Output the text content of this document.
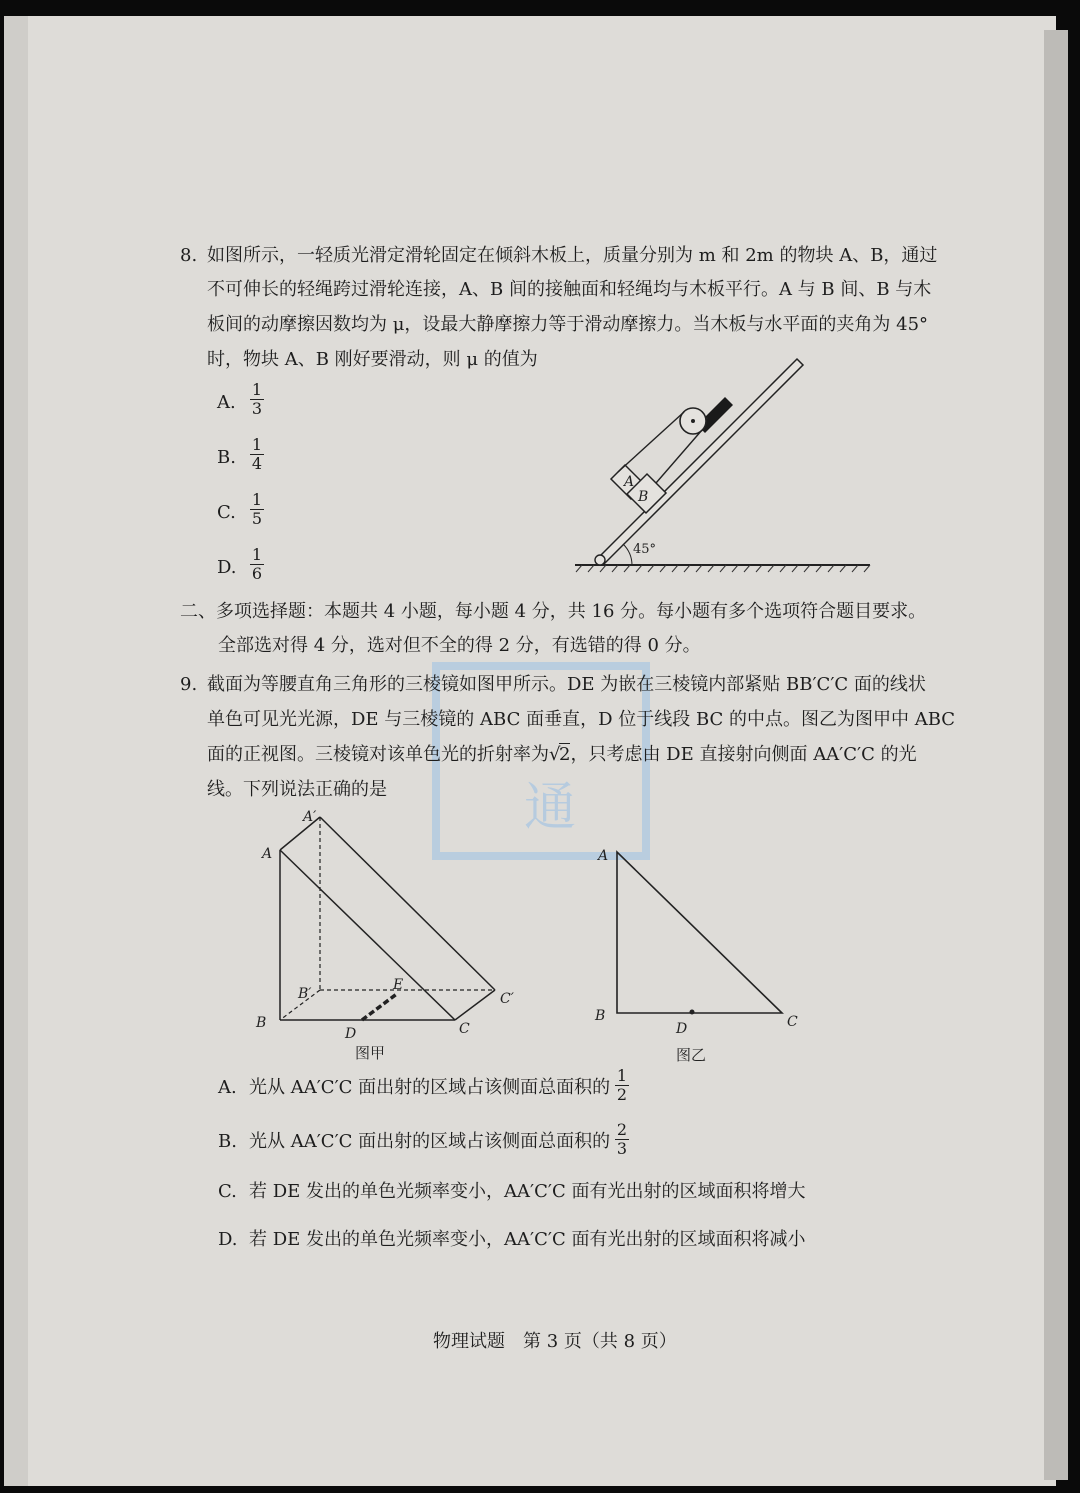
8. 如图所示，一轻质光滑定滑轮固定在倾斜木板上，质量分别为 m 和 2m 的物块 A、B，通过
不可伸长的轻绳跨过滑轮连接，A、B 间的接触面和轻绳均与木板平行。A 与 B 间、B 与木
板间的动摩擦因数均为 μ，设最大静摩擦力等于滑动摩擦力。当木板与水平面的夹角为 45°
时，物块 A、B 刚好要滑动，则 μ 的值为
A. $\frac{1}{3}$
B. $\frac{1}{4}$
C. $\frac{1}{5}$
D. $\frac{1}{6}$	45°
A
B
二、多项选择题：本题共 4 小题，每小题 4 分，共 16 分。每小题有多个选项符合题目要求。
全部选对得 4 分，选对但不全的得 2 分，有选错的得 0 分。
通
9. 截面为等腰直角三角形的三棱镜如图甲所示。DE 为嵌在三棱镜内部紧贴 BB′C′C 面的线状
单色可见光光源，DE 与三棱镜的 ABC 面垂直，D 位于线段 BC 的中点。图乙为图甲中 ABC
面的正视图。三棱镜对该单色光的折射率为 √
2，只考虑由 DE 直接射向侧面 AA′C′C 的光
线。下列说法正确的是
A
A′
B
B′
C
C′
D
E
图甲
A
B	C
D
图乙
A. 光从 AA′C′C 面出射的区域占该侧面总面积的 $\frac{1}{2}$
B. 光从 AA′C′C 面出射的区域占该侧面总面积的 $\frac{2}{3}$
C. 若 DE 发出的单色光频率变小，AA′C′C 面有光出射的区域面积将增大
D. 若 DE 发出的单色光频率变小，AA′C′C 面有光出射的区域面积将减小
物理试题　第 3 页（共 8 页）
